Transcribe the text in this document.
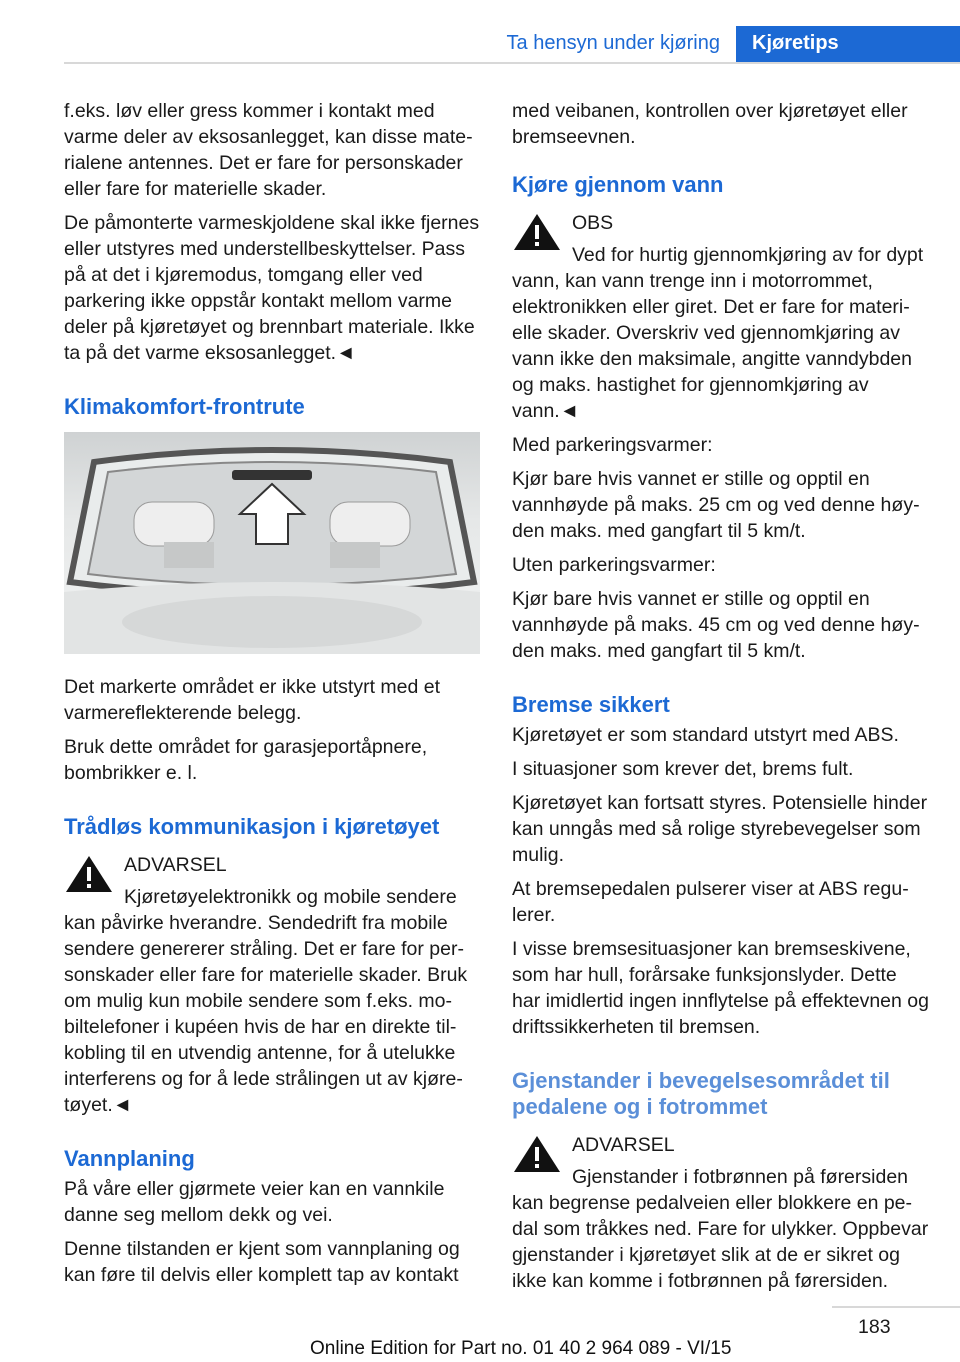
Ta hensyn under kjøring	Kjøretips

f.eks. løv eller gress kommer i kontakt med varme deler av eksosanlegget, kan disse materialene antennes. Det er fare for personskader eller fare for materielle skader.

De påmonterte varmeskjoldene skal ikke fjernes eller utstyres med understellbeskyttelser. Pass på at det i kjøremodus, tomgang eller ved parkering ikke oppstår kontakt mellom varme deler på kjøretøyet og brennbart materiale. Ikke ta på det varme eksosanlegget.◄

Klimakomfort-frontrute

Det markerte området er ikke utstyrt med et varmereflekterende belegg.

Bruk dette området for garasjeportåpnere, bombrikker e. l.

Trådløs kommunikasjon i kjøretøyet
ADVARSEL

Kjøretøyelektronikk og mobile sendere kan påvirke hverandre. Sendedrift fra mobile sendere genererer stråling. Det er fare for personskader eller fare for materielle skader. Bruk om mulig kun mobile sendere som f.eks. mobiltelefoner i kupéen hvis de har en direkte tilkobling til en utvendig antenne, for å utelukke interferens og for å lede strålingen ut av kjøretøyet.◄

Vannplaning

På våre eller gjørmete veier kan en vannkile danne seg mellom dekk og vei.

Denne tilstanden er kjent som vannplaning og kan føre til delvis eller komplett tap av kontakt

med veibanen, kontrollen over kjøretøyet eller bremseevnen.

Kjøre gjennom vann
OBS

Ved for hurtig gjennomkjøring av for dypt vann, kan vann trenge inn i motorrommet, elektronikken eller giret. Det er fare for materielle skader. Overskriv ved gjennomkjøring av vann ikke den maksimale, angitte vanndybden og maks. hastighet for gjennomkjøring av vann.◄

Med parkeringsvarmer:

Kjør bare hvis vannet er stille og opptil en vannhøyde på maks. 25 cm og ved denne høyden maks. med gangfart til 5 km/t.

Uten parkeringsvarmer:

Kjør bare hvis vannet er stille og opptil en vannhøyde på maks. 45 cm og ved denne høyden maks. med gangfart til 5 km/t.

Bremse sikkert

Kjøretøyet er som standard utstyrt med ABS.

I situasjoner som krever det, brems fult.

Kjøretøyet kan fortsatt styres. Potensielle hinder kan unngås med så rolige styrebevegelser som mulig.

At bremsepedalen pulserer viser at ABS regulerer.

I visse bremsesituasjoner kan bremseskivene, som har hull, forårsake funksjonslyder. Dette har imidlertid ingen innflytelse på effektevnen og driftssikkerheten til bremsen.

Gjenstander i bevegelsesområdet til pedalene og i fotrommet
ADVARSEL

Gjenstander i fotbrønnen på førersiden kan begrense pedalveien eller blokkere en pedal som tråkkes ned. Fare for ulykker. Oppbevar gjenstander i kjøretøyet slik at de er sikret og ikke kan komme i fotbrønnen på førersiden.

183
Online Edition for Part no. 01 40 2 964 089 - VI/15
